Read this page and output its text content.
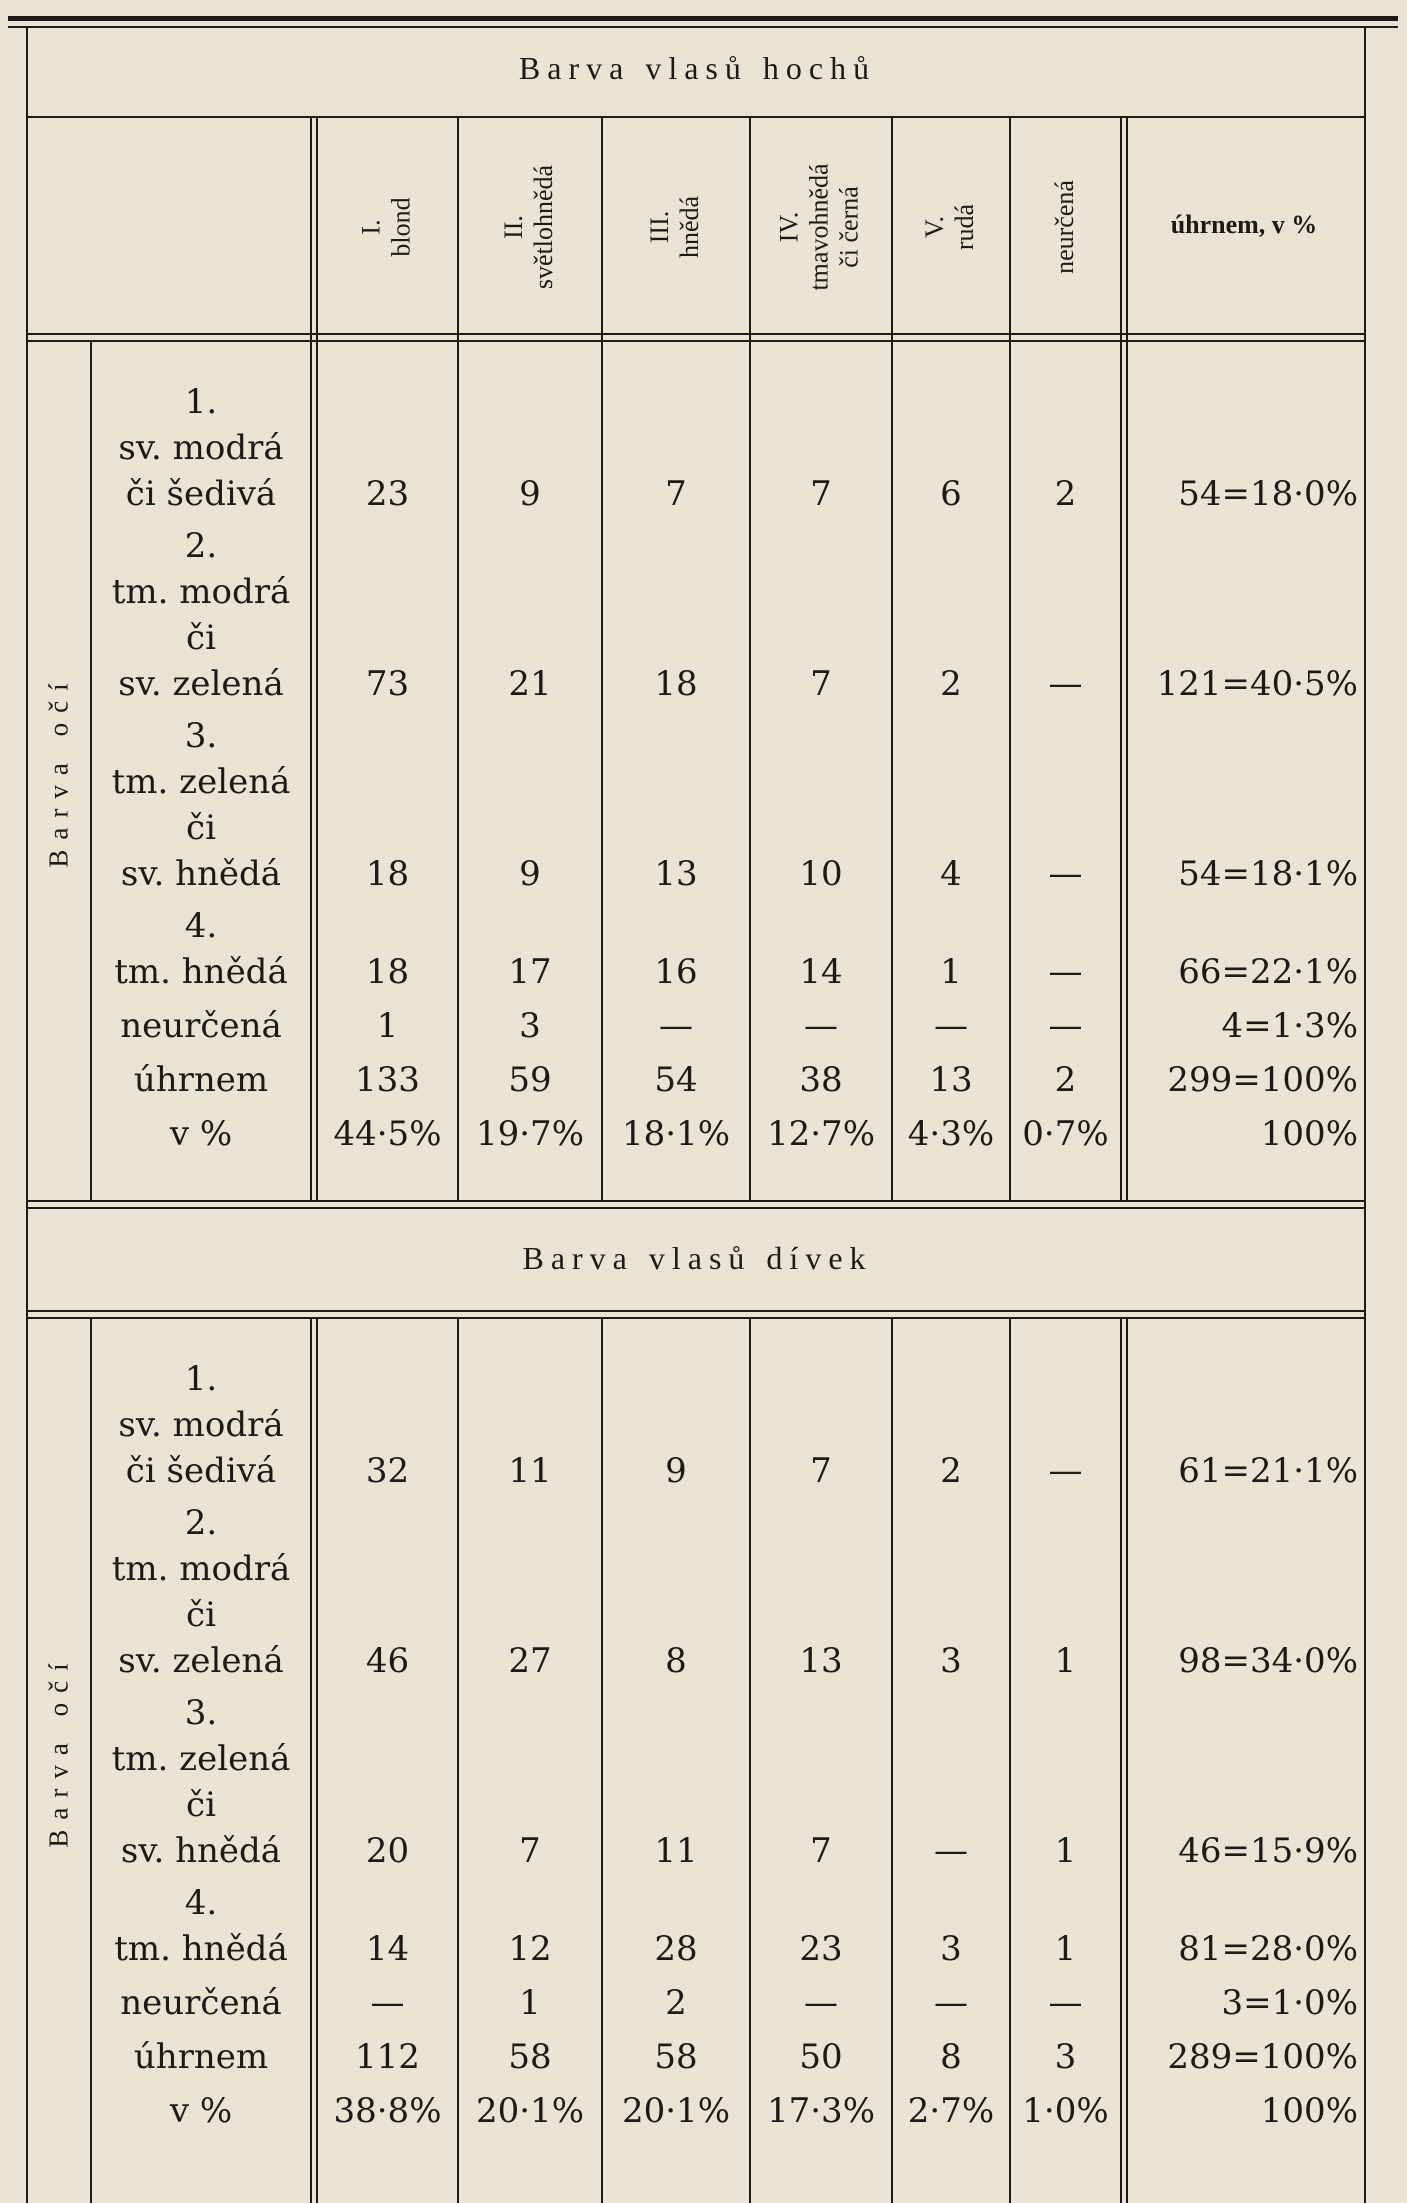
Barva vlasů hochů
Barva vlasů dívek
Barva očí
Barva očí
I. blond	II. světlohnědá	III. hnědá	IV. tmavohnědá či černá V. rudá	neurčená	úhrnem, v %
1.
sv. modrá
či šedivá	23	9	7	7	6	2	54=18·0%
2.
tm. modrá
či
sv. zelená	73	21	18	7	2	—	121=40·5%
3.
tm. zelená
či
sv. hnědá	18	9	13	10	4	—	54=18·1%
4.
tm. hnědá	18	17	16	14	1	—	66=22·1%
neurčená	1	3	—	—	—	—	4=1·3%
úhrnem	133	59	54	38	13	2	299=100%
v %	44·5%	19·7%	18·1%	12·7% 4·3% 0·7%	100%
1.
sv. modrá
či šedivá	32	11	9	7	2	—	61=21·1%
2.
tm. modrá
či
sv. zelená	46	27	8	13	3	1	98=34·0%
3.
tm. zelená
či
sv. hnědá	20	7	11	7	—	1	46=15·9%
4.
tm. hnědá	14	12	28	23	3	1	81=28·0%
neurčená	—	1	2	—	—	—	3=1·0%
úhrnem	112	58	58	50	8	3	289=100%
v %	38·8%	20·1%	20·1%	17·3% 2·7% 1·0%	100%
